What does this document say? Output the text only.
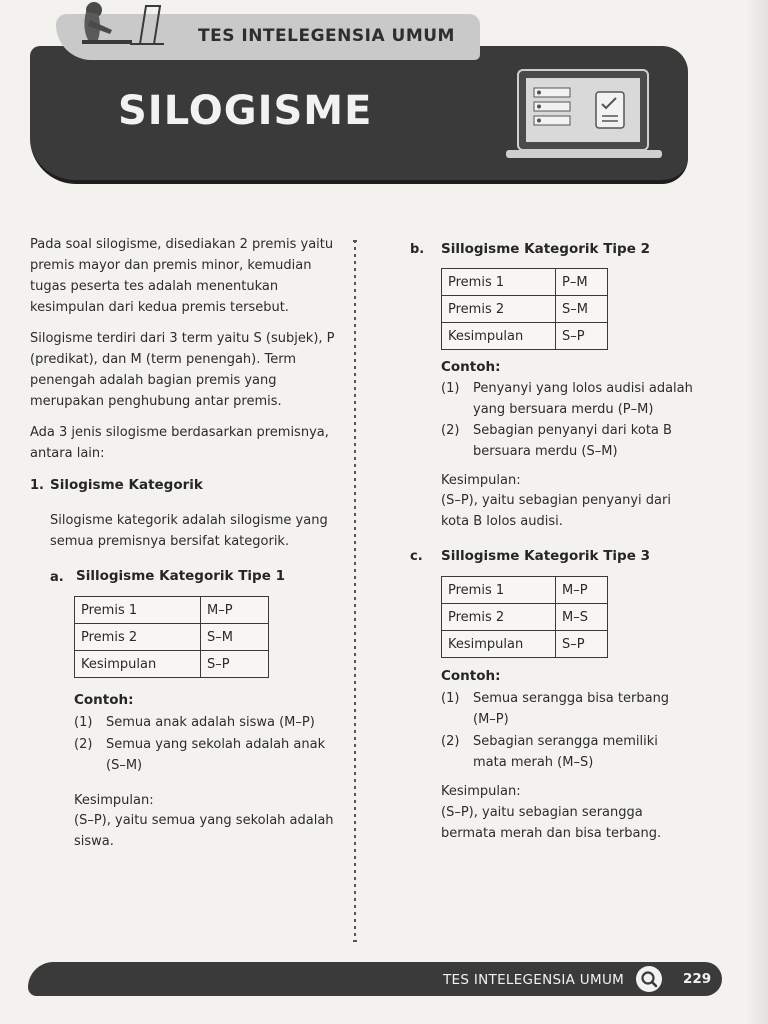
TES INTELEGENSIA UMUM
SILOGISME

Pada soal silogisme, disediakan 2 premis yaitu premis mayor dan premis minor, kemudian tugas peserta tes adalah menentukan kesimpulan dari kedua premis tersebut.

Silogisme terdiri dari 3 term yaitu S (subjek), P (predikat), dan M (term penengah). Term penengah adalah bagian premis yang merupakan penghubung antar premis.

Ada 3 jenis silogisme berdasarkan premisnya, antara lain:

1. Silogisme Kategorik

Silogisme kategorik adalah silogisme yang semua premisnya bersifat kategorik.

a. Sillogisme Kategorik Tipe 1
Premis 1	M–P
Premis 2	S–M
Kesimpulan	S–P

Contoh:

(1) Semua anak adalah siswa (M–P)
(2) Semua yang sekolah adalah anak (S–M)

Kesimpulan:

(S–P), yaitu semua yang sekolah adalah siswa.

b. Sillogisme Kategorik Tipe 2
Premis 1	P–M
Premis 2	S–M
Kesimpulan	S–P

Contoh:

(1) Penyanyi yang lolos audisi adalah yang bersuara merdu (P–M)
(2) Sebagian penyanyi dari kota B bersuara merdu (S–M)

Kesimpulan:

(S–P), yaitu sebagian penyanyi dari kota B lolos audisi.

c. Sillogisme Kategorik Tipe 3
Premis 1	M–P
Premis 2	M–S
Kesimpulan	S–P

Contoh:

(1) Semua serangga bisa terbang (M–P)
(2) Sebagian serangga memiliki mata merah (M–S)

Kesimpulan:

(S–P), yaitu sebagian serangga bermata merah dan bisa terbang.

TES INTELEGENSIA UMUM	229
